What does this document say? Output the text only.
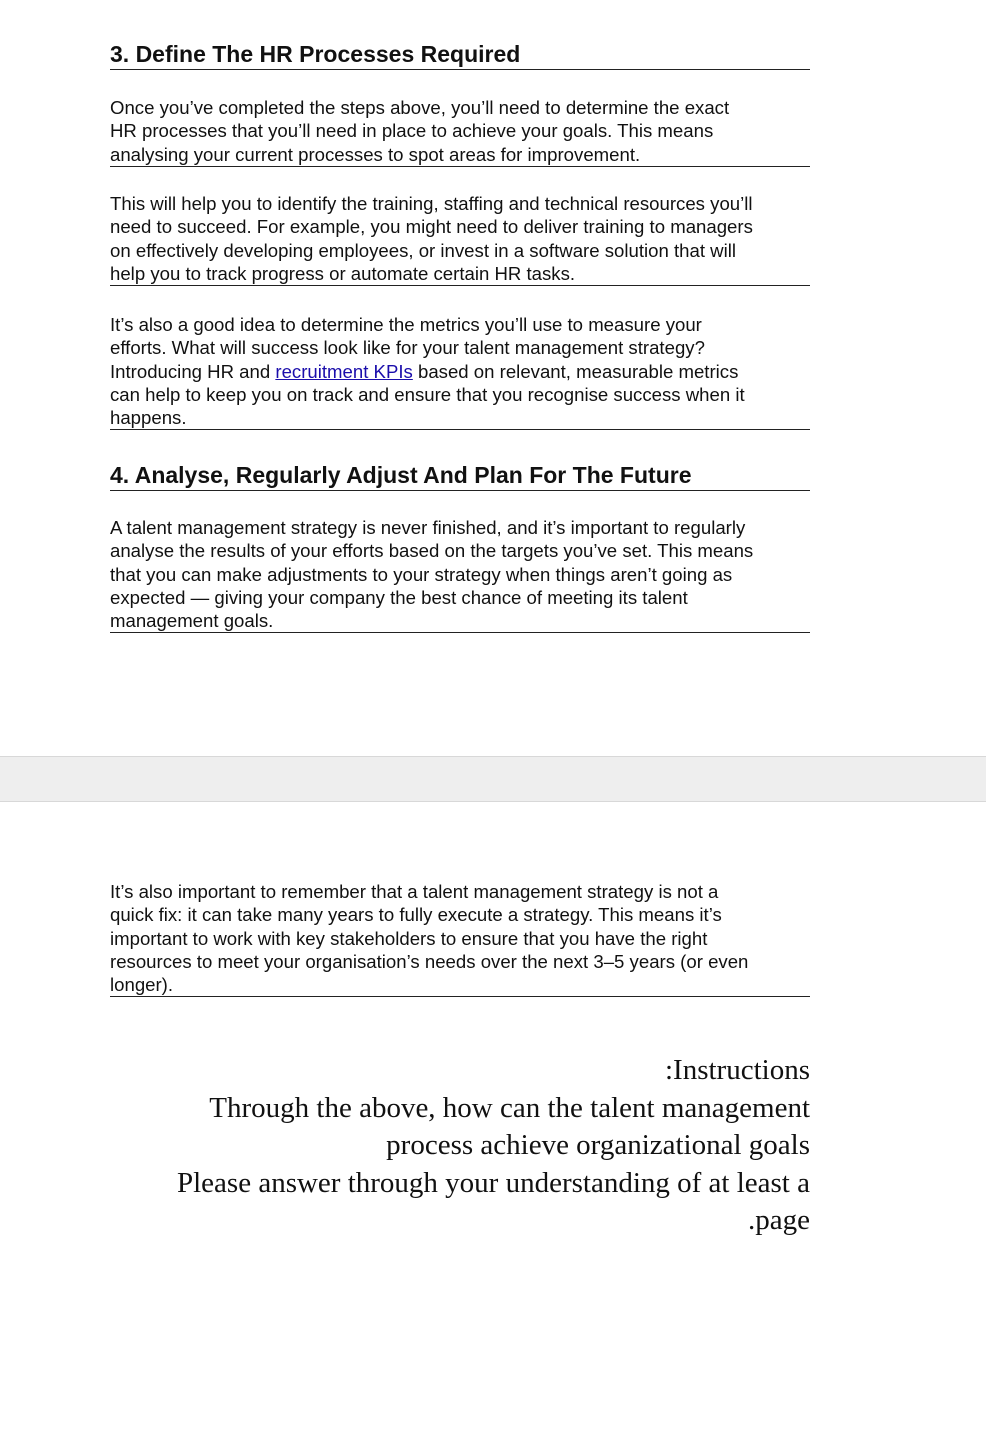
3. Define The HR Processes Required

Once you’ve completed the steps above, you’ll need to determine the exact
HR processes that you’ll need in place to achieve your goals. This means
analysing your current processes to spot areas for improvement.

This will help you to identify the training, staffing and technical resources you’ll
need to succeed. For example, you might need to deliver training to managers
on effectively developing employees, or invest in a software solution that will
help you to track progress or automate certain HR tasks.

It’s also a good idea to determine the metrics you’ll use to measure your
efforts. What will success look like for your talent management strategy?
Introducing HR and recruitment KPIs based on relevant, measurable metrics
can help to keep you on track and ensure that you recognise success when it
happens.

4. Analyse, Regularly Adjust And Plan For The Future

A talent management strategy is never finished, and it’s important to regularly
analyse the results of your efforts based on the targets you’ve set. This means
that you can make adjustments to your strategy when things aren’t going as
expected — giving your company the best chance of meeting its talent
management goals.

It’s also important to remember that a talent management strategy is not a
quick fix: it can take many years to fully execute a strategy. This means it’s
important to work with key stakeholders to ensure that you have the right
resources to meet your organisation’s needs over the next 3–5 years (or even
longer).

:Instructions
Through the above, how can the talent management
process achieve organizational goals
Please answer through your understanding of at least a
.page
